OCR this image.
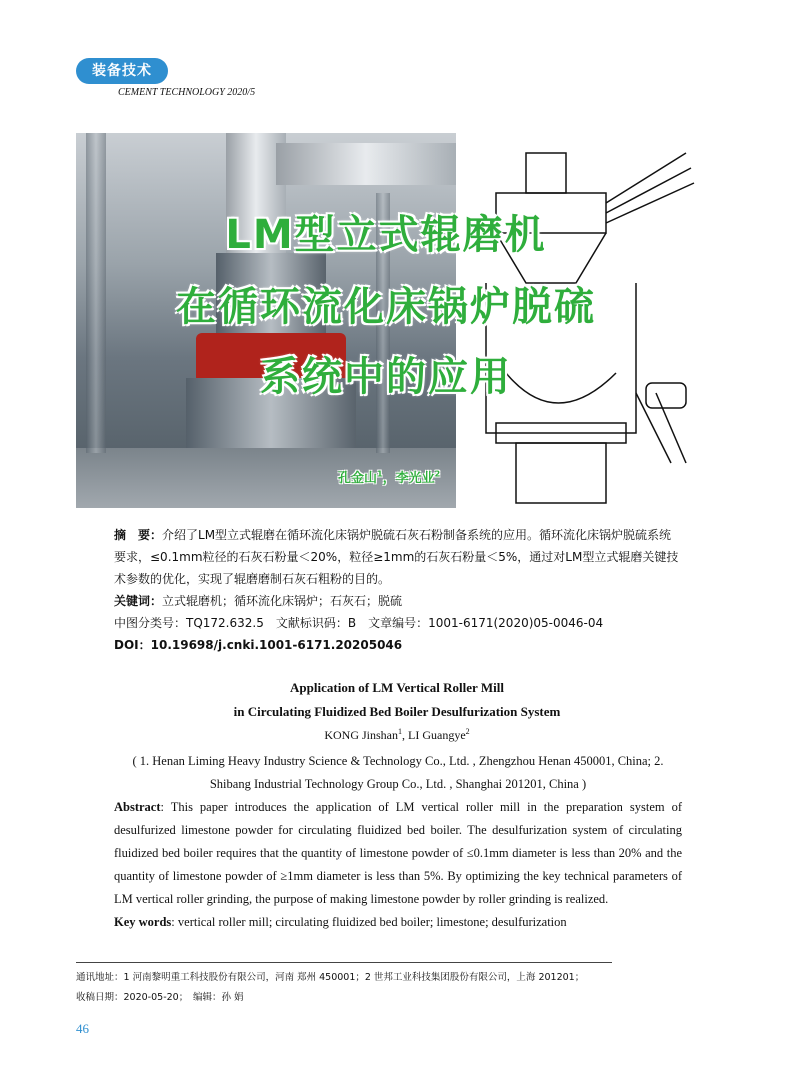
装备技术
CEMENT TECHNOLOGY 2020/5
LM型立式辊磨机
在循环流化床锅炉脱硫
系统中的应用
孔金山$^1$，李光业$^2$

摘　要：介绍了LM型立式辊磨在循环流化床锅炉脱硫石灰石粉制备系统的应用。循环流化床锅炉脱硫系统要求，≤0.1mm粒径的石灰石粉量＜20%，粒径≥1mm的石灰石粉量＜5%，通过对LM型立式辊磨关键技术参数的优化，实现了辊磨磨制石灰石粗粉的目的。

关键词：立式辊磨机；循环流化床锅炉；石灰石；脱硫

中图分类号：TQ172.632.5　文献标识码：B　文章编号：1001-6171(2020)05-0046-04

DOI：10.19698/j.cnki.1001-6171.20205046

Application of LM Vertical Roller Mill
in Circulating Fluidized Bed Boiler Desulfurization System
KONG Jinshan$^1$, LI Guangye$^2$
( 1. Henan Liming Heavy Industry Science & Technology Co., Ltd. , Zhengzhou Henan 450001, China; 2. Shibang Industrial Technology Group Co., Ltd. , Shanghai 201201, China )

Abstract: This paper introduces the application of LM vertical roller mill in the preparation system of desulfurized limestone powder for circulating fluidized bed boiler. The desulfurization system of circulating fluidized bed boiler requires that the quantity of limestone powder of ≤0.1mm diameter is less than 20% and the quantity of limestone powder of ≥1mm diameter is less than 5%. By optimizing the key technical parameters of LM vertical roller grinding, the purpose of making limestone powder by roller grinding is realized.

Key words: vertical roller mill; circulating fluidized bed boiler; limestone; desulfurization

通讯地址：1 河南黎明重工科技股份有限公司，河南 郑州 450001；2 世邦工业科技集团股份有限公司，上海 201201；

收稿日期：2020-05-20；　编辑：孙 娟

46
